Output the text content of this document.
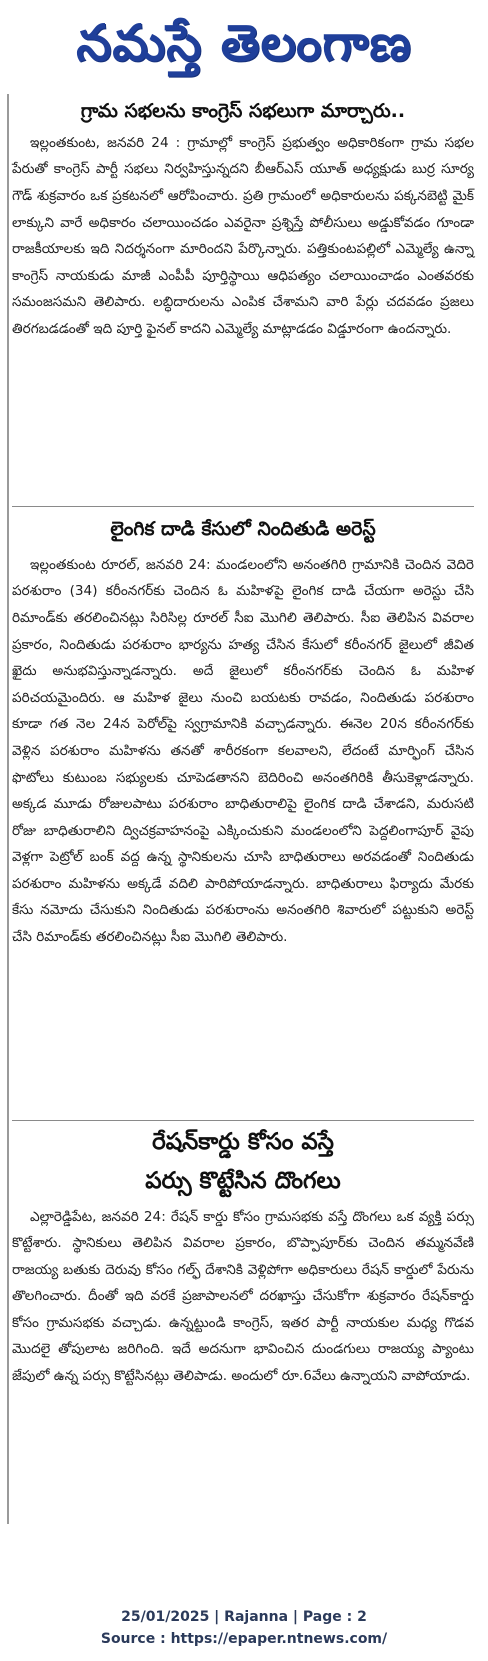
నమస్తే తెలంగాణ
గ్రామ సభలను కాంగ్రెస్ సభలుగా మార్చారు..

ఇల్లంతకుంట, జనవరి 24 : గ్రామాల్లో కాంగ్రెస్ ప్రభుత్వం అధికారికంగా గ్రామ సభల పేరుతో కాంగ్రెస్ పార్టీ సభలు నిర్వహిస్తున్నదని బీఆర్ఎస్ యూత్ అధ్యక్షుడు బుర్ర సూర్య గౌడ్ శుక్రవారం ఒక ప్రకటనలో ఆరోపించారు. ప్రతి గ్రామంలో అధికారులను పక్కనబెట్టి మైక్ లాక్కుని వారే అధికారం చలాయించడం ఎవరైనా ప్రశ్నిస్తే పోలీసులు అడ్డుకోవడం గూండా రాజకీయాలకు ఇది నిదర్శనంగా మారిందని పేర్కొన్నారు. పత్తికుంటపల్లిలో ఎమ్మెల్యే ఉన్నా కాంగ్రెస్ నాయకుడు మాజీ ఎంపీపీ పూర్తిస్థాయి ఆధిపత్యం చలాయించాడం ఎంతవరకు సమంజసమని తెలిపారు. లబ్ధిదారులను ఎంపిక చేశామని వారి పేర్లు చదవడం ప్రజలు తిరగబడడంతో ఇది పూర్తి ఫైనల్ కాదని ఎమ్మెల్యే మాట్లాడడం విడ్డూరంగా ఉందన్నారు.

లైంగిక దాడి కేసులో నిందితుడి అరెస్ట్

ఇల్లంతకుంట రూరల్, జనవరి 24: మండలంలోని అనంతగిరి గ్రామానికి చెందిన వెదిరె పరశురాం (34) కరీంనగర్‌కు చెందిన ఓ మహిళపై లైంగిక దాడి చేయగా అరెస్టు చేసి రిమాండ్‌కు తరలించినట్లు సిరిసిల్ల రూరల్ సీఐ మొగిలి తెలిపారు. సీఐ తెలిపిన వివరాల ప్రకారం, నిందితుడు పరశురాం భార్యను హత్య చేసిన కేసులో కరీంనగర్ జైలులో జీవిత ఖైదు అనుభవిస్తున్నాడన్నారు. అదే జైలులో కరీంనగర్‌కు చెందిన ఓ మహిళ పరిచయమైందిరు. ఆ మహిళ జైలు నుంచి బయటకు రావడం, నిందితుడు పరశురాం కూడా గత నెల 24న పెరోల్‌పై స్వగ్రామానికి వచ్చాడన్నారు. ఈనెల 20న కరీంనగర్‌కు వెళ్లిన పరశురాం మహిళను తనతో శారీరకంగా కలవాలని, లేదంటే మార్ఫింగ్ చేసిన ఫొటోలు కుటుంబ సభ్యులకు చూపెడతానని బెదిరించి అనంతగిరికి తీసుకెళ్లాడన్నారు. అక్కడ మూడు రోజులపాటు పరశురాం బాధితురాలిపై లైంగిక దాడి చేశాడని, మరుసటి రోజు బాధితురాలిని ద్విచక్రవాహనంపై ఎక్కించుకుని మండలంలోని పెద్దలింగాపూర్ వైపు వెళ్లగా పెట్రోల్ బంక్ వద్ద ఉన్న స్థానికులను చూసి బాధితురాలు అరవడంతో నిందితుడు పరశురాం మహిళను అక్కడే వదిలి పారిపోయాడన్నారు. బాధితురాలు ఫిర్యాదు మేరకు కేసు నమోదు చేసుకుని నిందితుడు పరశురాంను అనంతగిరి శివారులో పట్టుకుని అరెస్ట్ చేసి రిమాండ్‌కు తరలించినట్లు సీఐ మొగిలి తెలిపారు.

రేషన్‌కార్డు కోసం వస్తే
పర్సు కొట్టేసిన దొంగలు

ఎల్లారెడ్డిపేట, జనవరి 24: రేషన్ కార్డు కోసం గ్రామసభకు వస్తే దొంగలు ఒక వ్యక్తి పర్సు కొట్టేశారు. స్థానికులు తెలిపిన వివరాల ప్రకారం, బొప్పాపూర్‌కు చెందిన తమ్మనవేణి రాజయ్య బతుకు దెరువు కోసం గల్ఫ్ దేశానికి వెళ్లిపోగా అధికారులు రేషన్ కార్డులో పేరును తొలగించారు. దీంతో ఇది వరకే ప్రజాపాలనలో దరఖాస్తు చేసుకోగా శుక్రవారం రేషన్‌కార్డు కోసం గ్రామసభకు వచ్చాడు. ఉన్నట్టుండి కాంగ్రెస్, ఇతర పార్టీ నాయకుల మధ్య గొడవ మొదలై తోపులాట జరిగింది. ఇదే అదనుగా భావించిన దుండగులు రాజయ్య ప్యాంటు జేపులో ఉన్న పర్సు కొట్టేసినట్లు తెలిపాడు. అందులో రూ.6వేలు ఉన్నాయని వాపోయాడు.

25/01/2025 | Rajanna | Page : 2
Source : https://epaper.ntnews.com/
